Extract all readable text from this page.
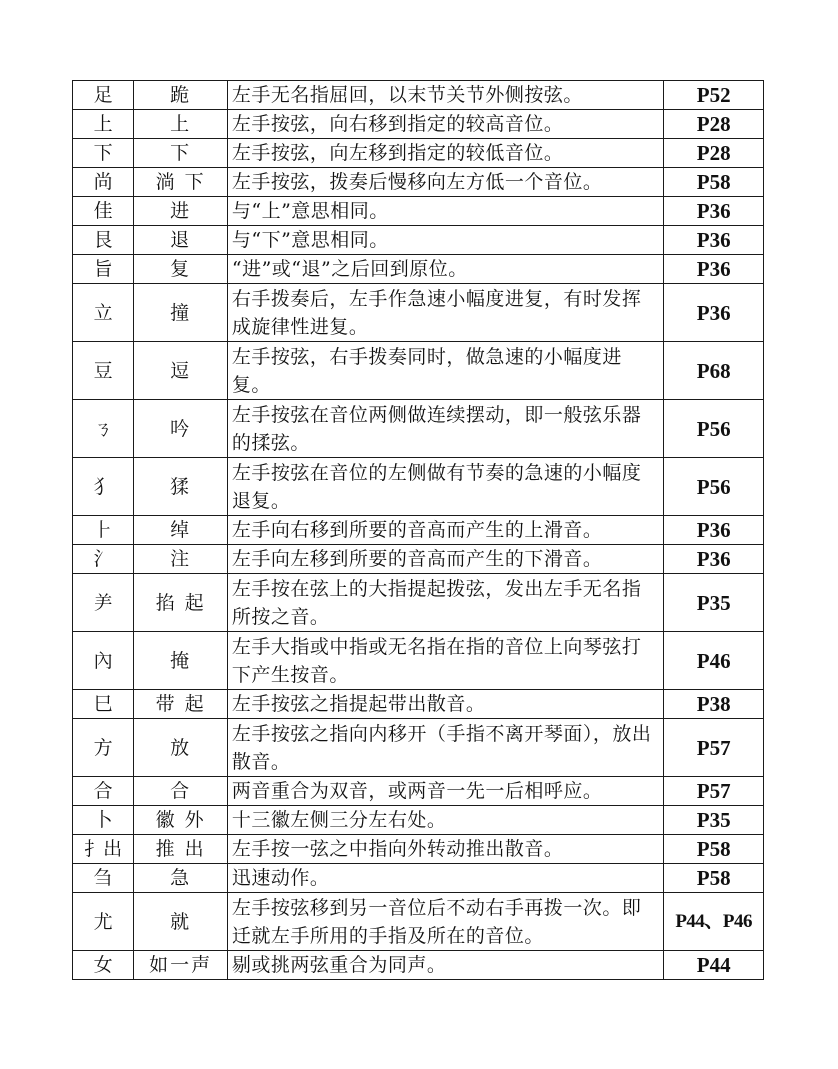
足	跪	左手无名指屈回，以末节关节外侧按弦。	P52
上	上	左手按弦，向右移到指定的较高音位。	P28
下	下	左手按弦，向左移到指定的较低音位。	P28
尚	淌 下	左手按弦，拨奏后慢移向左方低一个音位。	P58
佳	进	与“上”意思相同。	P36
艮	退	与“下”意思相同。	P36
旨	复	“进”或“退”之后回到原位。	P36
立	撞	右手拨奏后，左手作急速小幅度进复，有时发挥成旋律性进复。	P36
豆	逗	左手按弦，右手拨奏同时，做急速的小幅度进复。	P68
ㄋ	吟	左手按弦在音位两侧做连续摆动，即一般弦乐器的揉弦。	P56
犭	猱	左手按弦在音位的左侧做有节奏的急速的小幅度退复。	P56
⺊	绰	左手向右移到所要的音高而产生的上滑音。	P36
氵	注	左手向左移到所要的音高而产生的下滑音。	P36
⺶	掐 起	左手按在弦上的大指提起拨弦，发出左手无名指所按之音。	P35
內	掩	左手大指或中指或无名指在指的音位上向琴弦打下产生按音。	P46
巳	带 起	左手按弦之指提起带出散音。	P38
方	放	左手按弦之指向内移开（手指不离开琴面），放出散音。	P57
合	合	两音重合为双音，或两音一先一后相呼应。	P57
卜	徽 外	十三徽左侧三分左右处。	P35
扌出	推 出	左手按一弦之中指向外转动推出散音。	P58
刍	急	迅速动作。	P58
尤	就	左手按弦移到另一音位后不动右手再拨一次。即迁就左手所用的手指及所在的音位。	P44、P46
女	如一声	剔或挑两弦重合为同声。	P44
